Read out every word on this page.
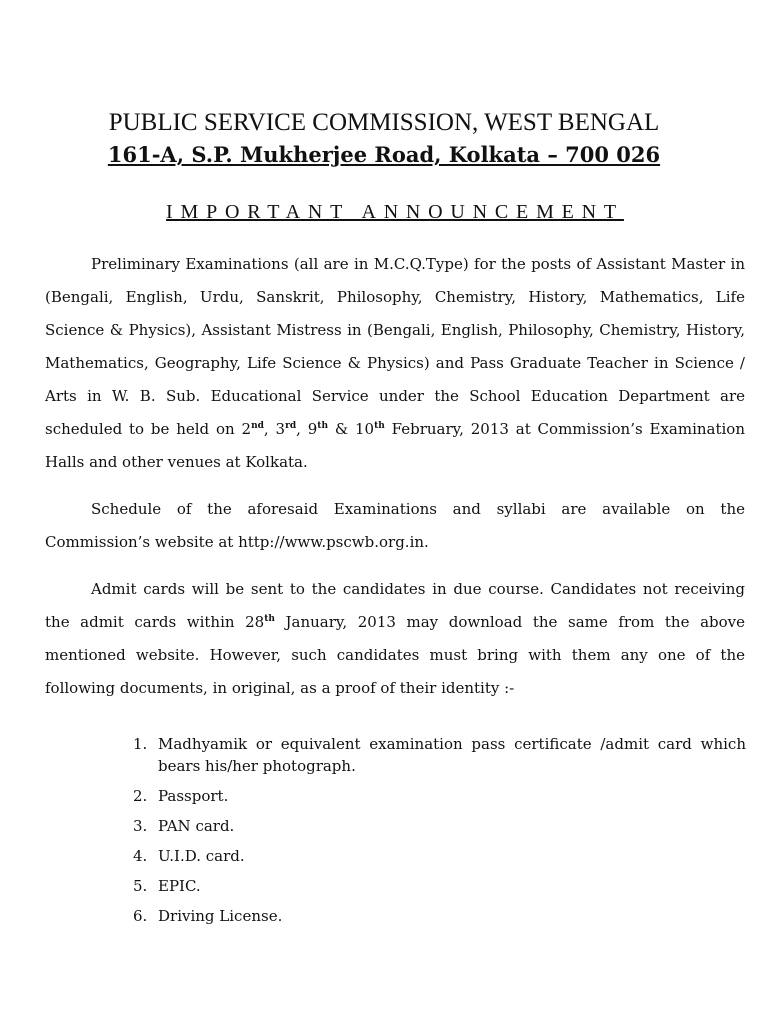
PUBLIC SERVICE COMMISSION, WEST BENGAL
161-A, S.P. Mukherjee Road, Kolkata – 700 026
IMPORTANT ANNOUNCEMENT

Preliminary Examinations (all are in M.C.Q.Type) for the posts of Assistant Master in (Bengali, English, Urdu, Sanskrit, Philosophy, Chemistry, History, Mathematics, Life Science & Physics), Assistant Mistress in (Bengali, English, Philosophy, Chemistry, History, Mathematics, Geography, Life Science & Physics) and Pass Graduate Teacher in Science / Arts in W. B. Sub. Educational Service under the School Education Department are scheduled to be held on 2nd, 3rd, 9th & 10th February, 2013 at Commission’s Examination Halls and other venues at Kolkata.

Schedule of the aforesaid Examinations and syllabi are available on the Commission’s website at http://www.pscwb.org.in.

Admit cards will be sent to the candidates in due course. Candidates not receiving the admit cards within 28th January, 2013 may download the same from the above mentioned website. However, such candidates must bring with them any one of the following documents, in original, as a proof of their identity :-

1. Madhyamik or equivalent examination pass certificate /admit card which bears his/her photograph.
2. Passport.
3. PAN card.
4. U.I.D. card.
5. EPIC.
6. Driving License.
